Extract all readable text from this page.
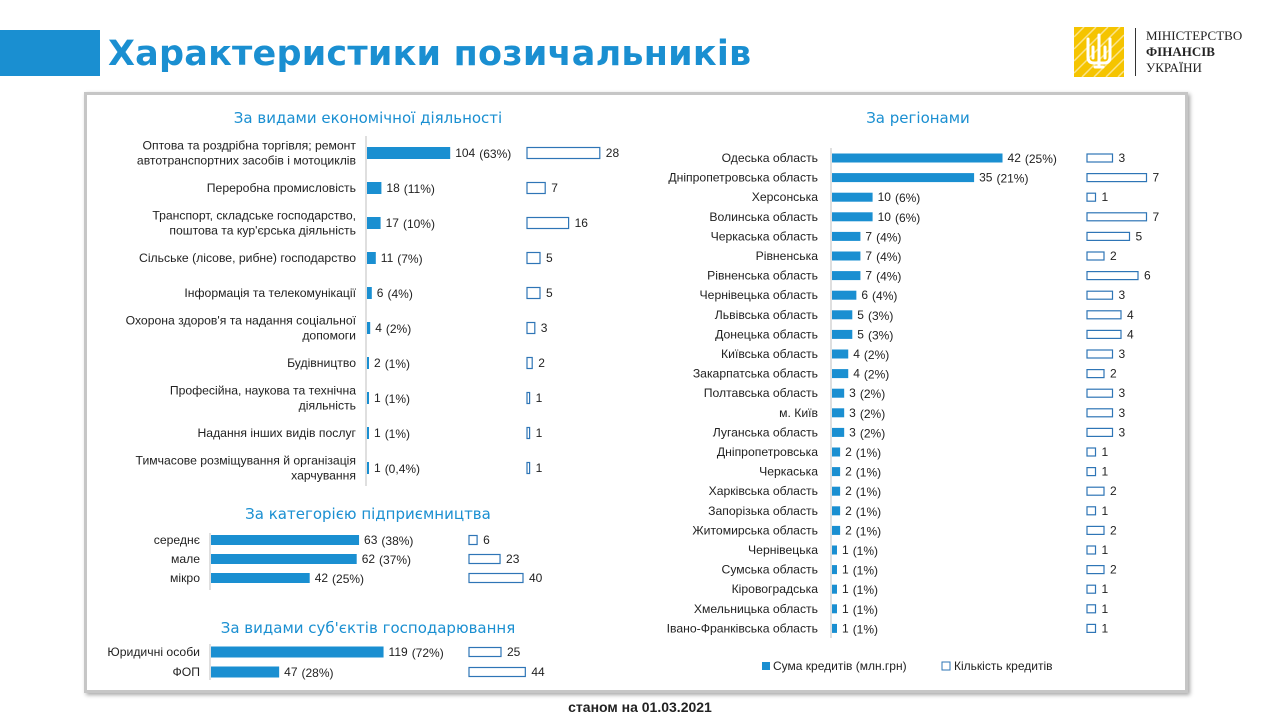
Характеристики позичальників	МІНІСТЕРСТВО
ФІНАНСІВ
УКРАЇНИ
За видами економічної діяльності
Оптова та роздрібна торгівля; ремонт
автотранспортних засобів і мотоциклів
104 (63%)	28
Переробна промисловість	18 (11%)	7
Транспорт, складське господарство,
поштова та кур'єрська діяльність
17 (10%)	16
Сільське (лісове, рибне) господарство 11 (7%)	5
Інформація та телекомунікації 6 (4%)	5
Охорона здоров'я та надання соціальної
допомоги
4 (2%)	3
Будівництво 2 (1%)	2
Професійна, наукова та технічна
діяльність
1 (1%)	1
Надання інших видів послуг 1 (1%)	1
Тимчасове розміщування й організація
харчування
1 (0,4%)	1
За категорією підприємництва
середнє	63 (38%)	6
мале	62 (37%)	23
мікро	42 (25%)	40
За видами суб'єктів господарювання
Юридичні особи	119 (72%)	25
ФОП	47 (28%)	44
За регіонами
Одеська область	42 (25%)	3
Дніпропетровська область	35 (21%)	7
Херсонська	10 (6%)	1
Волинська область	10 (6%)	7
Черкаська область	7 (4%)	5
Рівненська	7 (4%)	2
Рівненська область	7 (4%)	6
Чернівецька область	6 (4%)	3
Львівська область	5 (3%)	4
Донецька область	5 (3%)	4
Київська область	4 (2%)	3
Закарпатська область	4 (2%)	2
Полтавська область	3 (2%)	3
м. Київ	3 (2%)	3
Луганська область	3 (2%)	3
Дніпропетровська 2 (1%)	1
Черкаська 2 (1%)	1
Харківська область 2 (1%)	2
Запорізька область 2 (1%)	1
Житомирська область 2 (1%)	2
Чернівецька 1 (1%)	1
Сумська область 1 (1%)	2
Кіровоградська 1 (1%)	1
Хмельницька область 1 (1%)	1
Івано-Франківська область 1 (1%)	1
Сума кредитів (млн.грн)	Кількість кредитів
станом на 01.03.2021
